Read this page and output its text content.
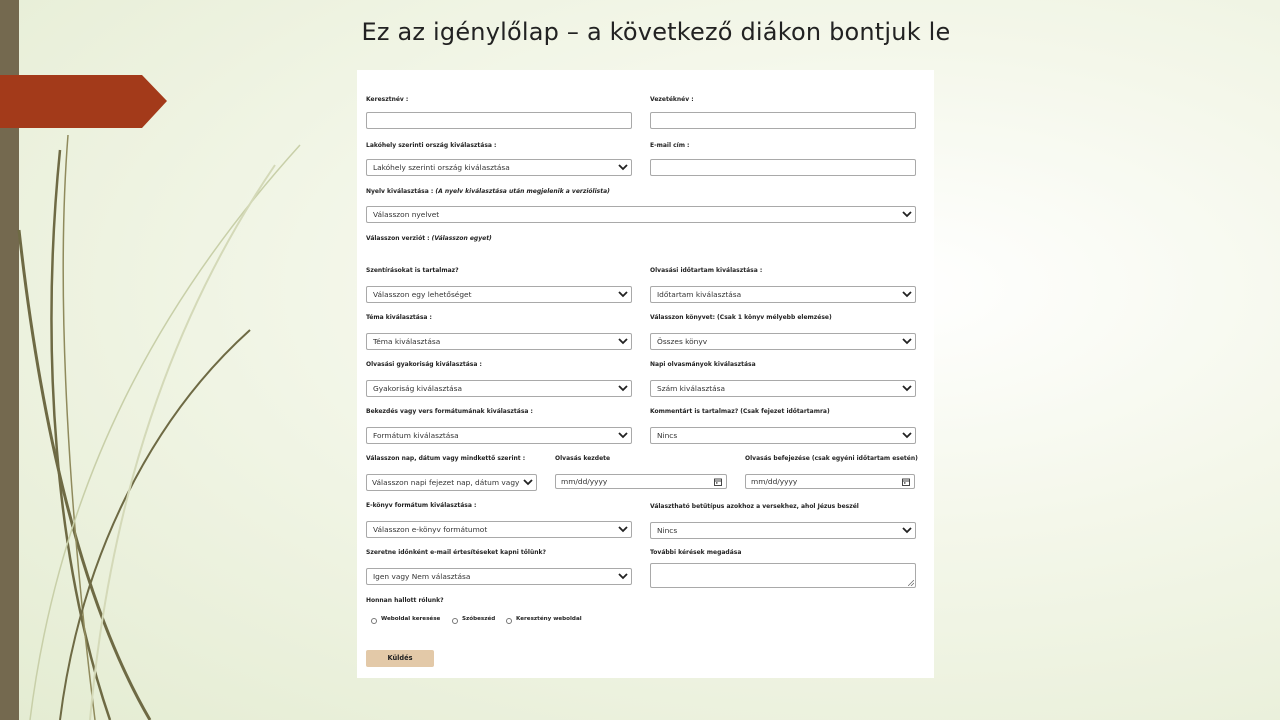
Ez az igénylőlap – a következő diákon bontjuk le
Keresztnév :	Vezetéknév :
Lakóhely szerinti ország kiválasztása :	E-mail cím :
Lakóhely szerinti ország kiválasztása
Nyelv kiválasztása : (A nyelv kiválasztása után megjelenik a verziólista)
Válasszon nyelvet
Válasszon verziót : (Válasszon egyet)
Szentírásokat is tartalmaz?	Olvasási időtartam kiválasztása :
Válasszon egy lehetőséget	Időtartam kiválasztása
Téma kiválasztása :	Válasszon könyvet: (Csak 1 könyv mélyebb elemzése)
Téma kiválasztása	Összes könyv
Olvasási gyakoriság kiválasztása :	Napi olvasmányok kiválasztása
Gyakoriság kiválasztása	Szám kiválasztása
Bekezdés vagy vers formátumának kiválasztása :	Kommentárt is tartalmaz? (Csak fejezet időtartamra)
Formátum kiválasztása	Nincs
Válasszon nap, dátum vagy mindkettő szerint :	Olvasás kezdete	Olvasás befejezése (csak egyéni időtartam esetén)
Válasszon napi fejezet nap, dátum vagy	mm/dd/yyyy	mm/dd/yyyy
E-könyv formátum kiválasztása :	Választható betűtípus azokhoz a versekhez, ahol Jézus beszél
Válasszon e-könyv formátumot	Nincs
Szeretne időnként e-mail értesítéseket kapni tőlünk?	További kérések megadása
Igen vagy Nem választása
Honnan hallott rólunk?
Weboldal keresése	Szóbeszéd	Keresztény weboldal
Küldés
